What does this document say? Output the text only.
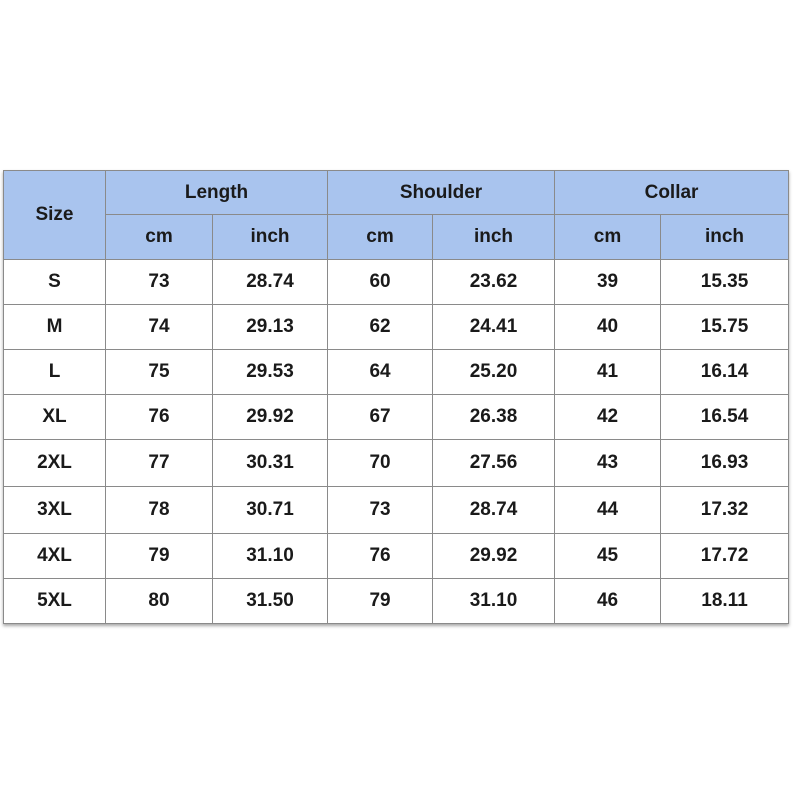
Size	Length		Shoulder		Collar	
	cm	inch	cm	inch	cm	inch
S	73	28.74	60	23.62	39	15.35
M	74	29.13	62	24.41	40	15.75
L	75	29.53	64	25.20	41	16.14
XL	76	29.92	67	26.38	42	16.54
2XL	77	30.31	70	27.56	43	16.93
3XL	78	30.71	73	28.74	44	17.32
4XL	79	31.10	76	29.92	45	17.72
5XL	80	31.50	79	31.10	46	18.11
